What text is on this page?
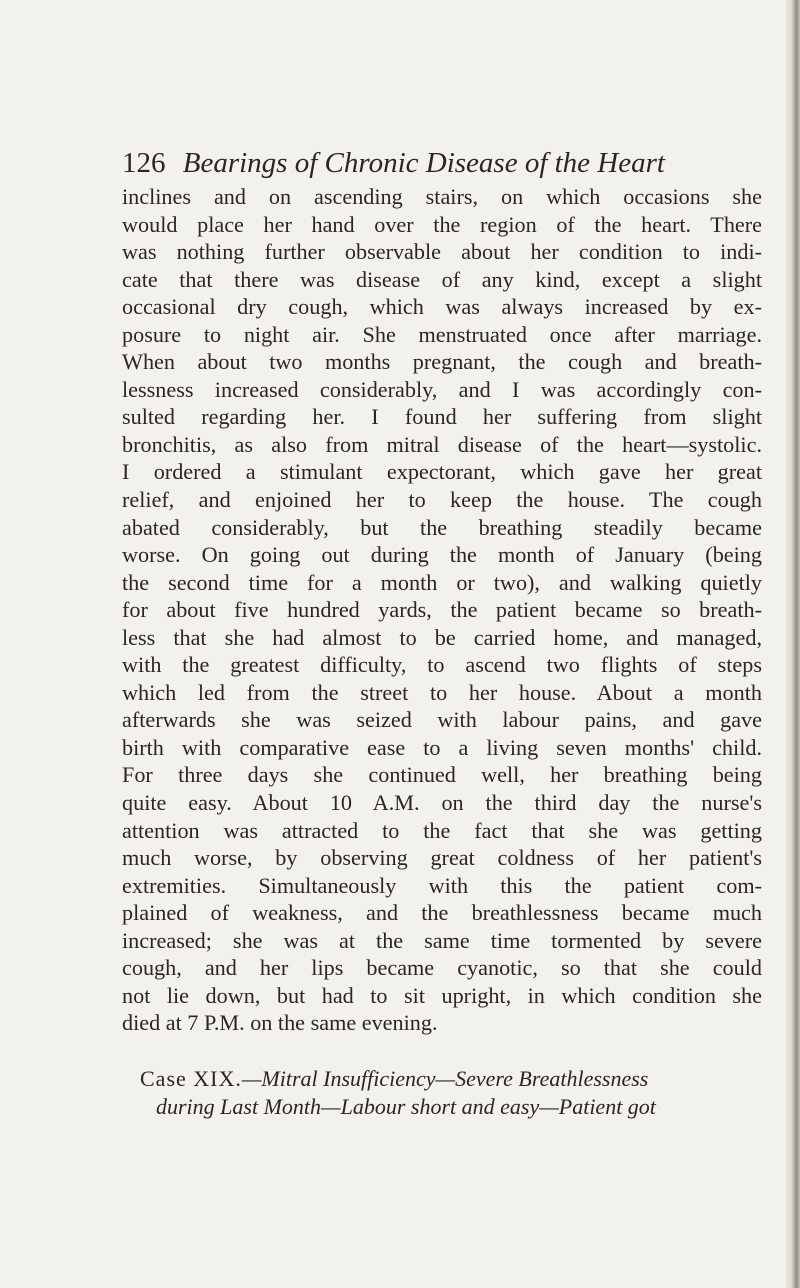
126 Bearings of Chronic Disease of the Heart
inclines and on ascending stairs, on which occasions she
would place her hand over the region of the heart. There
was nothing further observable about her condition to indi-
cate that there was disease of any kind, except a slight
occasional dry cough, which was always increased by ex-
posure to night air. She menstruated once after marriage.
When about two months pregnant, the cough and breath-
lessness increased considerably, and I was accordingly con-
sulted regarding her. I found her suffering from slight
bronchitis, as also from mitral disease of the heart—systolic.
I ordered a stimulant expectorant, which gave her great
relief, and enjoined her to keep the house. The cough
abated considerably, but the breathing steadily became
worse. On going out during the month of January (being
the second time for a month or two), and walking quietly
for about five hundred yards, the patient became so breath-
less that she had almost to be carried home, and managed,
with the greatest difficulty, to ascend two flights of steps
which led from the street to her house. About a month
afterwards she was seized with labour pains, and gave
birth with comparative ease to a living seven months' child.
For three days she continued well, her breathing being
quite easy. About 10 A.M. on the third day the nurse's
attention was attracted to the fact that she was getting
much worse, by observing great coldness of her patient's
extremities. Simultaneously with this the patient com-
plained of weakness, and the breathlessness became much
increased; she was at the same time tormented by severe
cough, and her lips became cyanotic, so that she could
not lie down, but had to sit upright, in which condition she
died at 7 P.M. on the same evening.
Case XIX.—Mitral Insufficiency—Severe Breathlessness
during Last Month—Labour short and easy—Patient got
